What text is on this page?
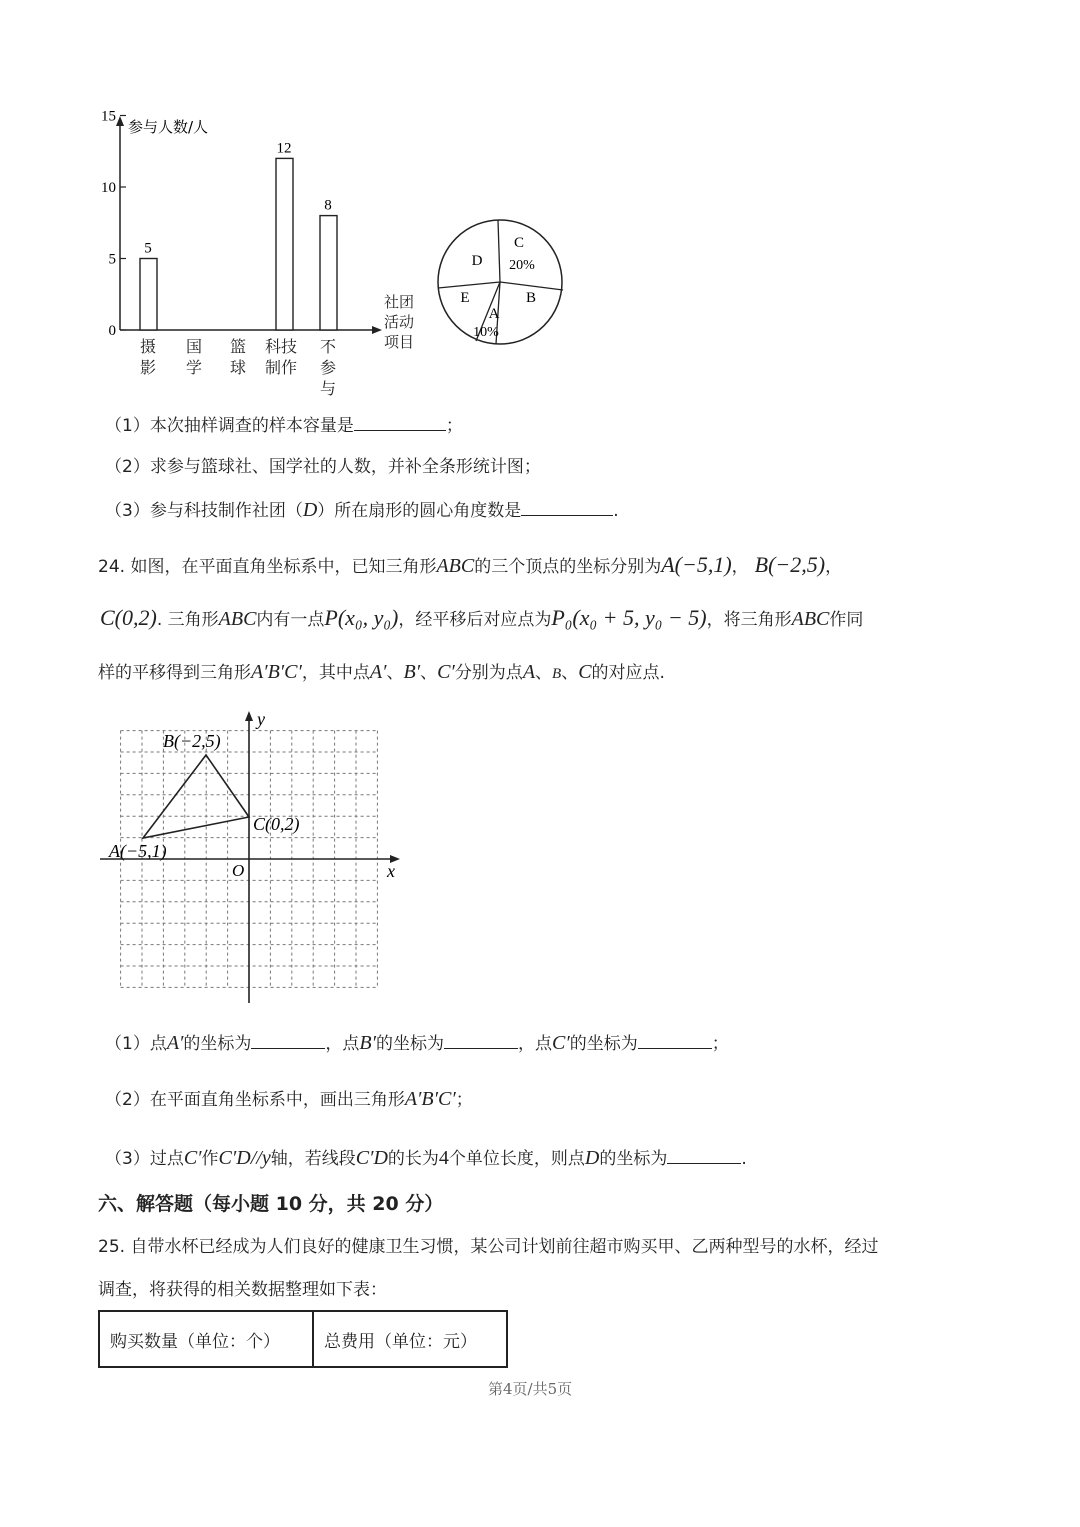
参与人数/人
0
5
10
15
5
12
8
社团
活动
项目
摄
影
国
学
篮
球
科技
制作
不
参
与
A
10%
B
C
20%
D
E
（1）本次抽样调查的样本容量是	；
（2）求参与篮球社、国学社的人数，并补全条形统计图；
（3）参与科技制作社团（D）所在扇形的圆心角度数是	.
24. 如图，在平面直角坐标系中，已知三角形ABC的三个顶点的坐标分别为A(−5,1)， B(−2,5)，
C(0,2). 三角形ABC内有一点P(x₀, y₀)，经平移后对应点为P₀(x₀ + 5, y₀ − 5)，将三角形ABC作同
样的平移得到三角形A′B′C′，其中点A′、B′、C′分别为点A、B、C的对应点.
y
x
O
A(−5,1)
B(−2,5)
C(0,2)
（1）点A′的坐标为	，点B′的坐标为	，点C′的坐标为	；
（2）在平面直角坐标系中，画出三角形A′B′C′；
（3）过点C′作C′D//y轴，若线段C′D的长为4个单位长度，则点D的坐标为	.
六、解答题（每小题 10 分，共 20 分）
25. 自带水杯已经成为人们良好的健康卫生习惯，某公司计划前往超市购买甲、乙两种型号的水杯，经过
调查，将获得的相关数据整理如下表：
购买数量（单位：个）	总费用（单位：元）
第4页/共5页
